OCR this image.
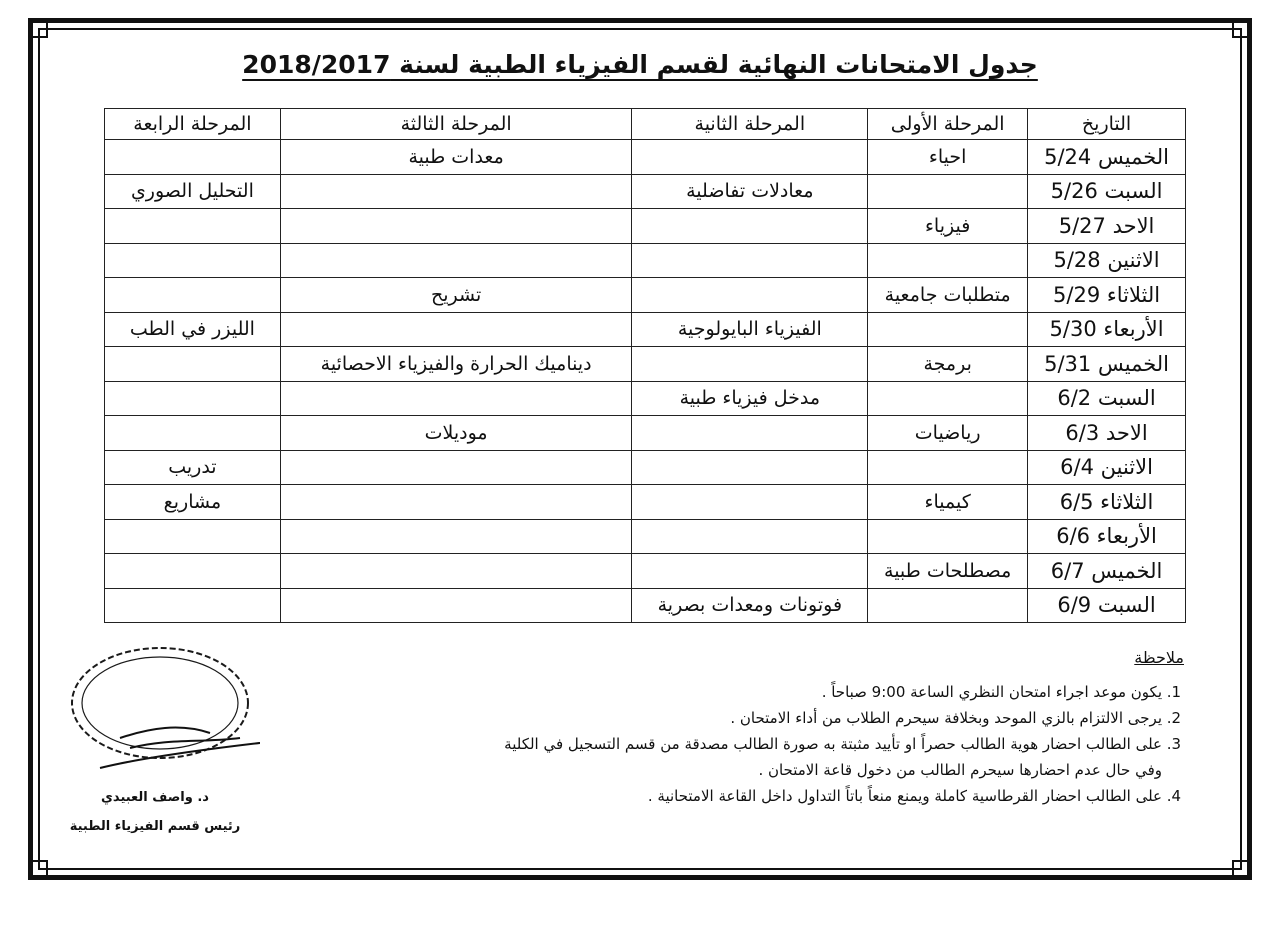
جدول الامتحانات النهائية لقسم الفيزياء الطبية لسنة 2018/2017
التاريخ	المرحلة الأولى	المرحلة الثانية	المرحلة الثالثة	المرحلة الرابعة
الخميس 5/24	احياء		معدات طبية	
السبت 5/26		معادلات تفاضلية		التحليل الصوري
الاحد 5/27	فيزياء			
الاثنين 5/28				
الثلاثاء 5/29	متطلبات جامعية		تشريح	
الأربعاء 5/30		الفيزياء البايولوجية		الليزر في الطب
الخميس 5/31	برمجة		ديناميك الحرارة والفيزياء الاحصائية	
السبت 6/2		مدخل فيزياء طبية		
الاحد 6/3	رياضيات		موديلات	
الاثنين 6/4				تدريب
الثلاثاء 6/5	كيمياء			مشاريع
الأربعاء 6/6				
الخميس 6/7	مصطلحات طبية			
السبت 6/9		فوتونات ومعدات بصرية		
ملاحظة
1. يكون موعد اجراء امتحان النظري الساعة 9:00 صباحاً .
2. يرجى الالتزام بالزي الموحد وبخلافة سيحرم الطلاب من أداء الامتحان .
3. على الطالب احضار هوية الطالب حصراً او تأييد مثبتة به صورة الطالب مصدقة من قسم التسجيل في الكلية وفي حال عدم احضارها سيحرم الطالب من دخول قاعة الامتحان .
4. على الطالب احضار القرطاسية كاملة ويمنع منعاً باتاً التداول داخل القاعة الامتحانية .
د. واصف العبيدي
رئيس قسم الفيزياء الطبية
